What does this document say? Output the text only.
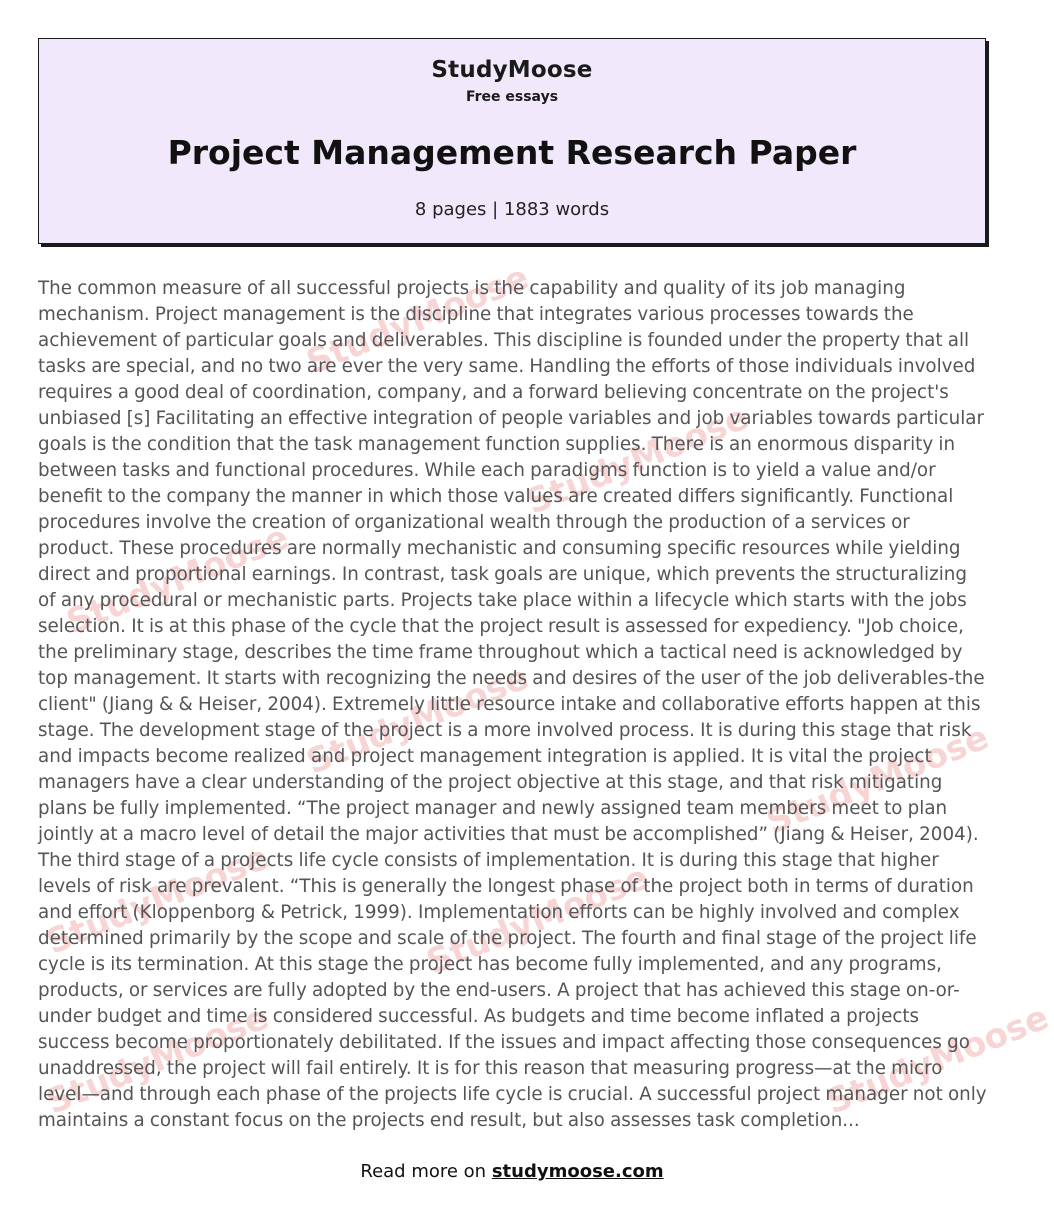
StudyMoose
Free essays
Project Management Research Paper
8 pages | 1883 words
StudyMoose
StudyMoose
StudyMoose
StudyMoose	StudyMoose
StudyMoose	StudyMoose
StudyMoose	StudyMoose
The common measure of all successful projects is the capability and quality of its job managing mechanism. Project management is the discipline that integrates various processes towards the achievement of particular goals and deliverables. This discipline is founded under the property that all tasks are special, and no two are ever the very same. Handling the efforts of those individuals involved requires a good deal of coordination, company, and a forward believing concentrate on the project's unbiased [s] Facilitating an effective integration of people variables and job variables towards particular goals is the condition that the task management function supplies. There is an enormous disparity in between tasks and functional procedures. While each paradigms function is to yield a value and/or benefit to the company the manner in which those values are created differs significantly. Functional procedures involve the creation of organizational wealth through the production of a services or product. These procedures are normally mechanistic and consuming specific resources while yielding direct and proportional earnings. In contrast, task goals are unique, which prevents the structuralizing of any procedural or mechanistic parts. Projects take place within a lifecycle which starts with the jobs selection. It is at this phase of the cycle that the project result is assessed for expediency. "Job choice, the preliminary stage, describes the time frame throughout which a tactical need is acknowledged by top management. It starts with recognizing the needs and desires of the user of the job deliverables-the client" (Jiang & & Heiser, 2004). Extremely little resource intake and collaborative efforts happen at this stage. The development stage of the project is a more involved process. It is during this stage that risk and impacts become realized and project management integration is applied. It is vital the project managers have a clear understanding of the project objective at this stage, and that risk mitigating plans be fully implemented. “The project manager and newly assigned team members meet to plan jointly at a macro level of detail the major activities that must be accomplished” (Jiang & Heiser, 2004). The third stage of a projects life cycle consists of implementation. It is during this stage that higher levels of risk are prevalent. “This is generally the longest phase of the project both in terms of duration and effort (Kloppenborg & Petrick, 1999). Implementation efforts can be highly involved and complex determined primarily by the scope and scale of the project. The fourth and final stage of the project life cycle is its termination. At this stage the project has become fully implemented, and any programs, products, or services are fully adopted by the end-users. A project that has achieved this stage on-or-under budget and time is considered successful. As budgets and time become inflated a projects success become proportionately debilitated. If the issues and impact affecting those consequences go unaddressed, the project will fail entirely. It is for this reason that measuring progress—at the micro level—and through each phase of the projects life cycle is crucial. A successful project manager not only maintains a constant focus on the projects end result, but also assesses task completion...
Read more on studymoose.com
